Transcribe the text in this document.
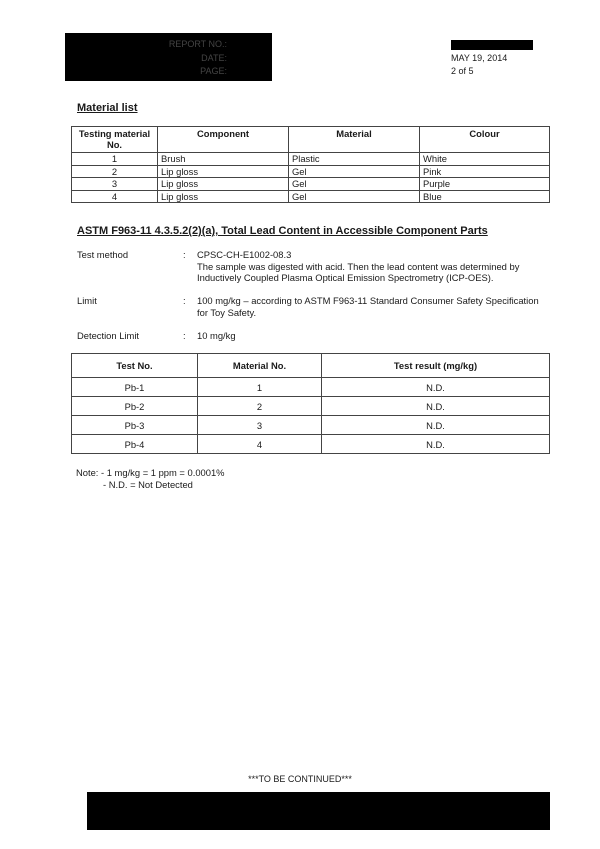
REPORT NO.:
DATE:	MAY 19, 2014
PAGE:	2 of 5
Material list
Testing material No.	Component	Material	Colour
1	Brush	Plastic	White
2	Lip gloss	Gel	Pink
3	Lip gloss	Gel	Purple
4	Lip gloss	Gel	Blue
ASTM F963-11 4.3.5.2(2)(a), Total Lead Content in Accessible Component Parts
Test method	: CPSC-CH-E1002-08.3
The sample was digested with acid. Then the lead content was determined by Inductively Coupled Plasma Optical Emission Spectrometry (ICP-OES).
Limit	: 100 mg/kg – according to ASTM F963-11 Standard Consumer Safety Specification for Toy Safety.
Detection Limit	: 10 mg/kg
Test No.	Material No.	Test result (mg/kg)
Pb-1	1	N.D.
Pb-2	2	N.D.
Pb-3	3	N.D.
Pb-4	4	N.D.
Note: - 1 mg/kg = 1 ppm = 0.0001%
- N.D. = Not Detected
***TO BE CONTINUED***
